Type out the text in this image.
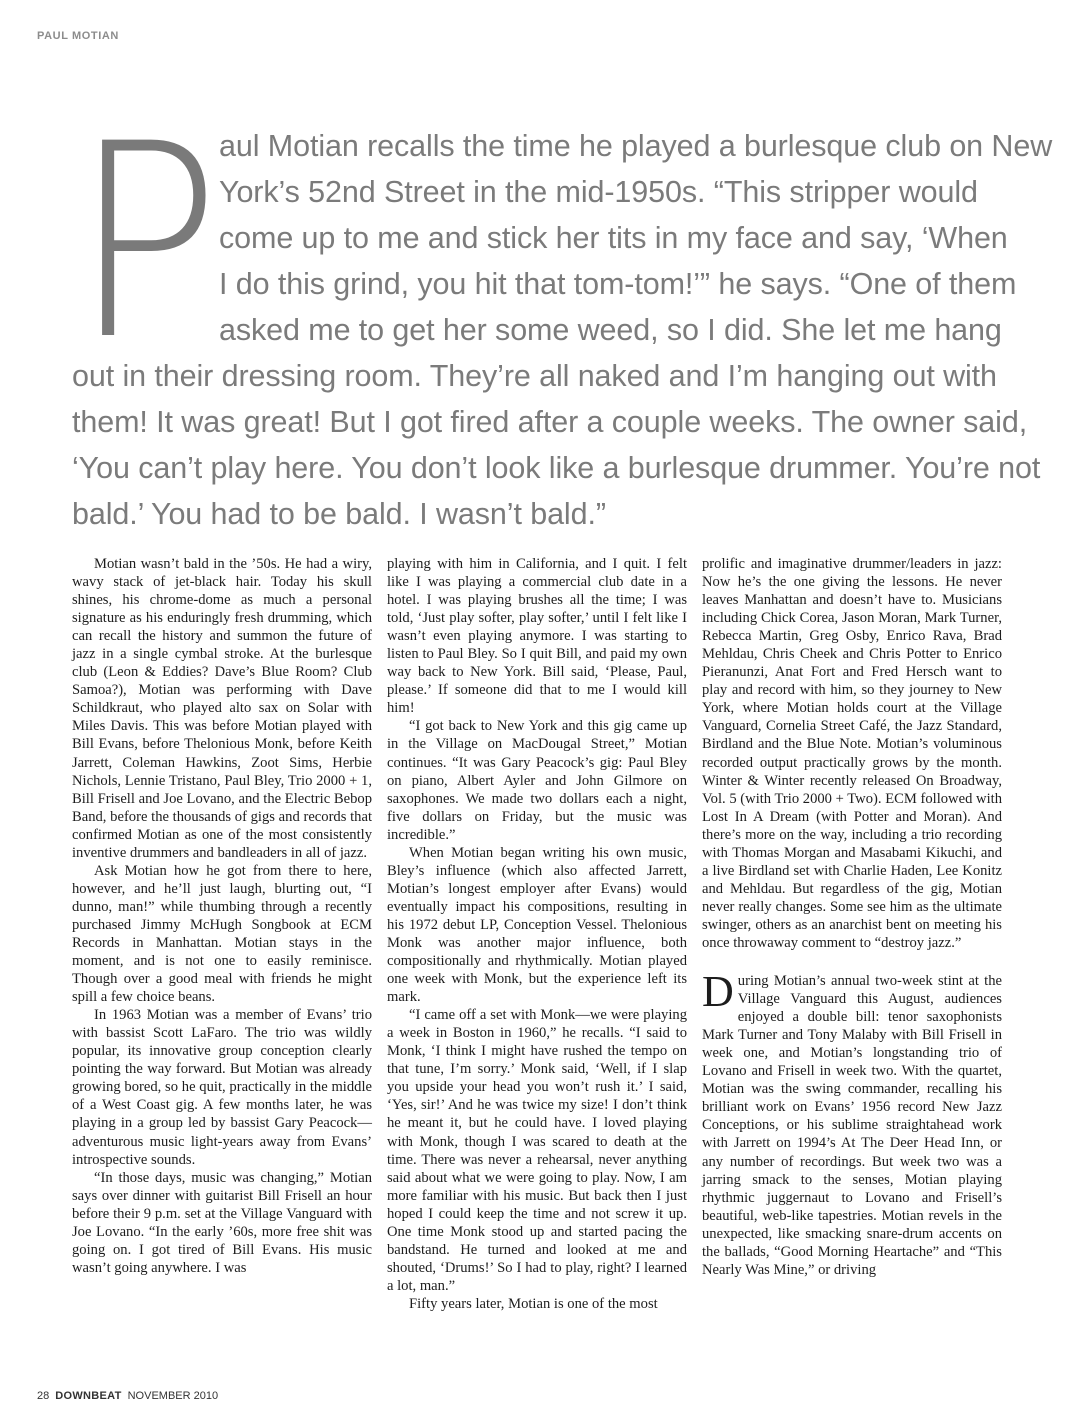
PAUL MOTIAN
P
aul Motian recalls the time he played a burlesque club on New
York’s 52nd Street in the mid-1950s. “This stripper would
come up to me and stick her tits in my face and say, ‘When
I do this grind, you hit that tom-tom!’” he says. “One of them
asked me to get her some weed, so I did. She let me hang
out in their dressing room. They’re all naked and I’m hanging out with
them! It was great! But I got fired after a couple weeks. The owner said,
‘You can’t play here. You don’t look like a burlesque drummer. You’re not
bald.’ You had to be bald. I wasn’t bald.”

Motian wasn’t bald in the ’50s. He had a wiry, wavy stack of jet-black hair. Today his skull shines, his chrome-dome as much a personal signature as his enduringly fresh drumming, which can recall the history and summon the future of jazz in a single cymbal stroke. At the burlesque club (Leon & Eddies? Dave’s Blue Room? Club Samoa?), Motian was performing with Dave Schildkraut, who played alto sax on Solar with Miles Davis. This was before Motian played with Bill Evans, before Thelonious Monk, before Keith Jarrett, Coleman Hawkins, Zoot Sims, Herbie Nichols, Lennie Tristano, Paul Bley, Trio 2000 + 1, Bill Frisell and Joe Lovano, and the Electric Bebop Band, before the thousands of gigs and records that confirmed Motian as one of the most consistently inventive drummers and bandleaders in all of jazz.

Ask Motian how he got from there to here, however, and he’ll just laugh, blurting out, “I dunno, man!” while thumbing through a recently purchased Jimmy McHugh Songbook at ECM Records in Manhattan. Motian stays in the moment, and is not one to easily reminisce. Though over a good meal with friends he might spill a few choice beans.

In 1963 Motian was a member of Evans’ trio with bassist Scott LaFaro. The trio was wildly popular, its innovative group conception clearly pointing the way forward. But Motian was already growing bored, so he quit, practically in the middle of a West Coast gig. A few months later, he was playing in a group led by bassist Gary Peacock—adventurous music light-years away from Evans’ introspective sounds.

“In those days, music was changing,” Motian says over dinner with guitarist Bill Frisell an hour before their 9 p.m. set at the Village Vanguard with Joe Lovano. “In the early ’60s, more free shit was going on. I got tired of Bill Evans. His music wasn’t going anywhere. I was

playing with him in California, and I quit. I felt like I was playing a commercial club date in a hotel. I was playing brushes all the time; I was told, ‘Just play softer, play softer,’ until I felt like I wasn’t even playing anymore. I was starting to listen to Paul Bley. So I quit Bill, and paid my own way back to New York. Bill said, ‘Please, Paul, please.’ If someone did that to me I would kill him!

“I got back to New York and this gig came up in the Village on MacDougal Street,” Motian continues. “It was Gary Peacock’s gig: Paul Bley on piano, Albert Ayler and John Gilmore on saxophones. We made two dollars each a night, five dollars on Friday, but the music was incredible.”

When Motian began writing his own music, Bley’s influence (which also affected Jarrett, Motian’s longest employer after Evans) would eventually impact his compositions, resulting in his 1972 debut LP, Conception Vessel. Thelonious Monk was another major influence, both compositionally and rhythmically. Motian played one week with Monk, but the experience left its mark.

“I came off a set with Monk—we were playing a week in Boston in 1960,” he recalls. “I said to Monk, ‘I think I might have rushed the tempo on that tune, I’m sorry.’ Monk said, ‘Well, if I slap you upside your head you won’t rush it.’ I said, ‘Yes, sir!’ And he was twice my size! I don’t think he meant it, but he could have. I loved playing with Monk, though I was scared to death at the time. There was never a rehearsal, never anything said about what we were going to play. Now, I am more familiar with his music. But back then I just hoped I could keep the time and not screw it up. One time Monk stood up and started pacing the bandstand. He turned and looked at me and shouted, ‘Drums!’ So I had to play, right? I learned a lot, man.”

Fifty years later, Motian is one of the most

prolific and imaginative drummer/leaders in jazz: Now he’s the one giving the lessons. He never leaves Manhattan and doesn’t have to. Musicians including Chick Corea, Jason Moran, Mark Turner, Rebecca Martin, Greg Osby, Enrico Rava, Brad Mehldau, Chris Cheek and Chris Potter to Enrico Pieranunzi, Anat Fort and Fred Hersch want to play and record with him, so they journey to New York, where Motian holds court at the Village Vanguard, Cornelia Street Café, the Jazz Standard, Birdland and the Blue Note. Motian’s voluminous recorded output practically grows by the month. Winter & Winter recently released On Broadway, Vol. 5 (with Trio 2000 + Two). ECM followed with Lost In A Dream (with Potter and Moran). And there’s more on the way, including a trio recording with Thomas Morgan and Masabami Kikuchi, and a live Birdland set with Charlie Haden, Lee Konitz and Mehldau. But regardless of the gig, Motian never really changes. Some see him as the ultimate swinger, others as an anarchist bent on meeting his once throwaway comment to “destroy jazz.”

During Motian’s annual two-week stint at the Village Vanguard this August, audiences enjoyed a double bill: tenor saxophonists Mark Turner and Tony Malaby with Bill Frisell in week one, and Motian’s longstanding trio of Lovano and Frisell in week two. With the quartet, Motian was the swing commander, recalling his brilliant work on Evans’ 1956 record New Jazz Conceptions, or his sublime straightahead work with Jarrett on 1994’s At The Deer Head Inn, or any number of recordings. But week two was a jarring smack to the senses, Motian playing rhythmic juggernaut to Lovano and Frisell’s beautiful, web-like tapestries. Motian revels in the unexpected, like smacking snare-drum accents on the ballads, “Good Morning Heartache” and “This Nearly Was Mine,” or driving

28 DOWNBEAT NOVEMBER 2010
